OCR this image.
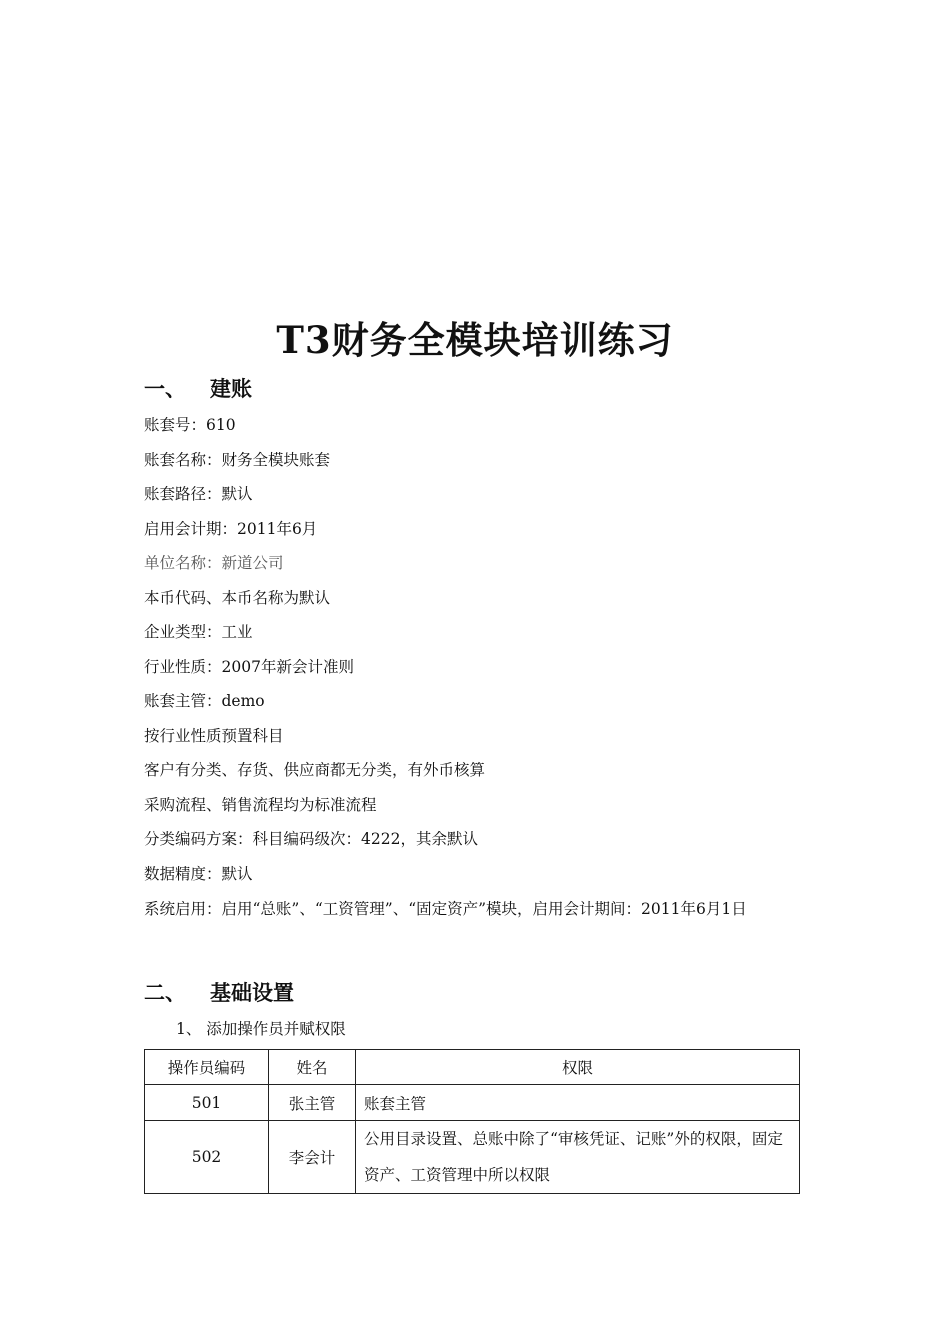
T3财务全模块培训练习
一、 建账
账套号：610
账套名称：财务全模块账套
账套路径：默认
启用会计期：2011年6月
单位名称：新道公司
本币代码、本币名称为默认
企业类型：工业
行业性质：2007年新会计准则
账套主管：demo
按行业性质预置科目
客户有分类、存货、供应商都无分类，有外币核算
采购流程、销售流程均为标准流程
分类编码方案：科目编码级次：4222，其余默认
数据精度：默认
系统启用：启用“总账”、“工资管理”、“固定资产”模块，启用会计期间：2011年6月1日
二、 基础设置
1、 添加操作员并赋权限
操作员编码	姓名	权限
501	张主管	账套主管
502	李会计	公用目录设置、总账中除了“审核凭证、记账”外的权限，固定资产、工资管理中所以权限
